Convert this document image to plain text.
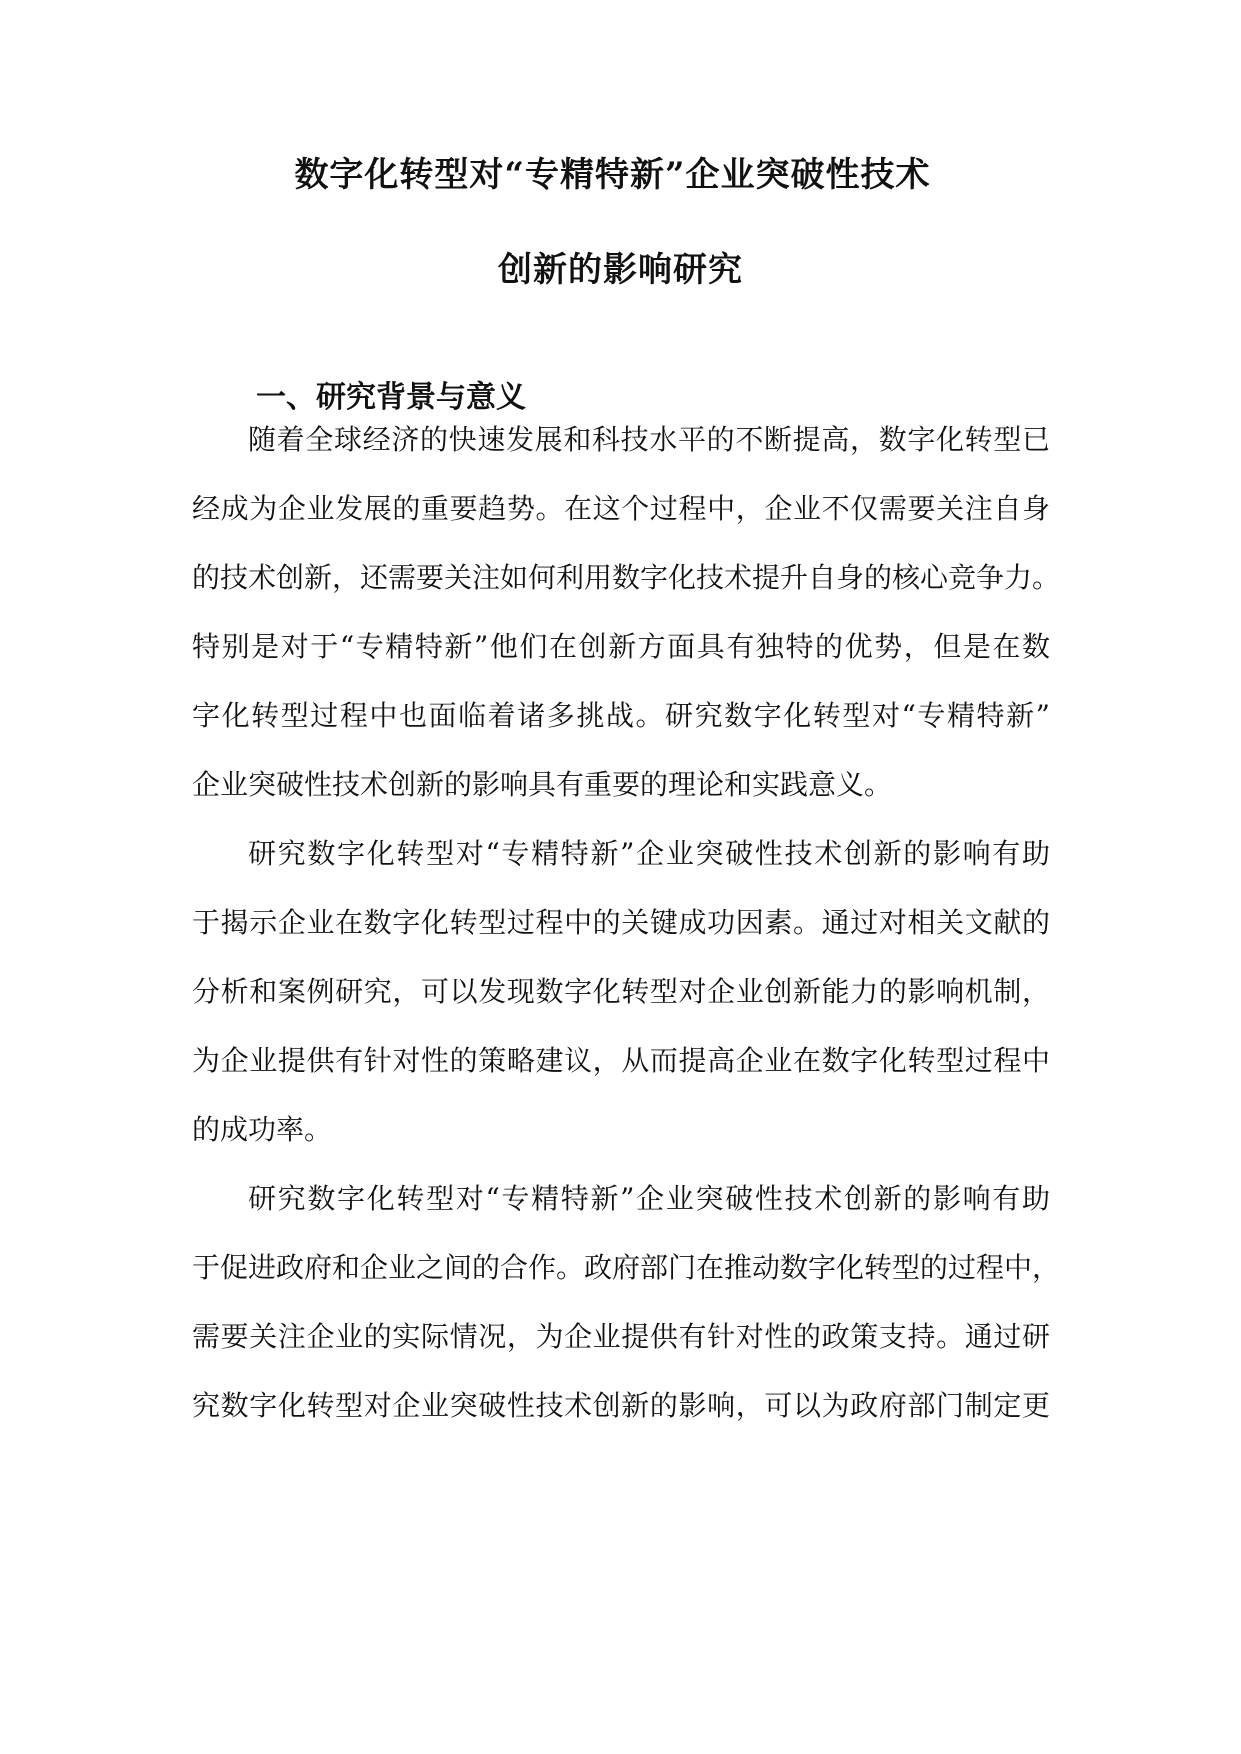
数字化转型对“专精特新”企业突破性技术
创新的影响研究
一、研究背景与意义
随着全球经济的快速发展和科技水平的不断提高，数字化转型已
经成为企业发展的重要趋势。在这个过程中，企业不仅需要关注自身
的技术创新，还需要关注如何利用数字化技术提升自身的核心竞争力。
特别是对于“专精特新”他们在创新方面具有独特的优势，但是在数
字化转型过程中也面临着诸多挑战。研究数字化转型对“专精特新”
企业突破性技术创新的影响具有重要的理论和实践意义。
研究数字化转型对“专精特新”企业突破性技术创新的影响有助
于揭示企业在数字化转型过程中的关键成功因素。通过对相关文献的
分析和案例研究，可以发现数字化转型对企业创新能力的影响机制，
为企业提供有针对性的策略建议，从而提高企业在数字化转型过程中
的成功率。
研究数字化转型对“专精特新”企业突破性技术创新的影响有助
于促进政府和企业之间的合作。政府部门在推动数字化转型的过程中，
需要关注企业的实际情况，为企业提供有针对性的政策支持。通过研
究数字化转型对企业突破性技术创新的影响，可以为政府部门制定更
